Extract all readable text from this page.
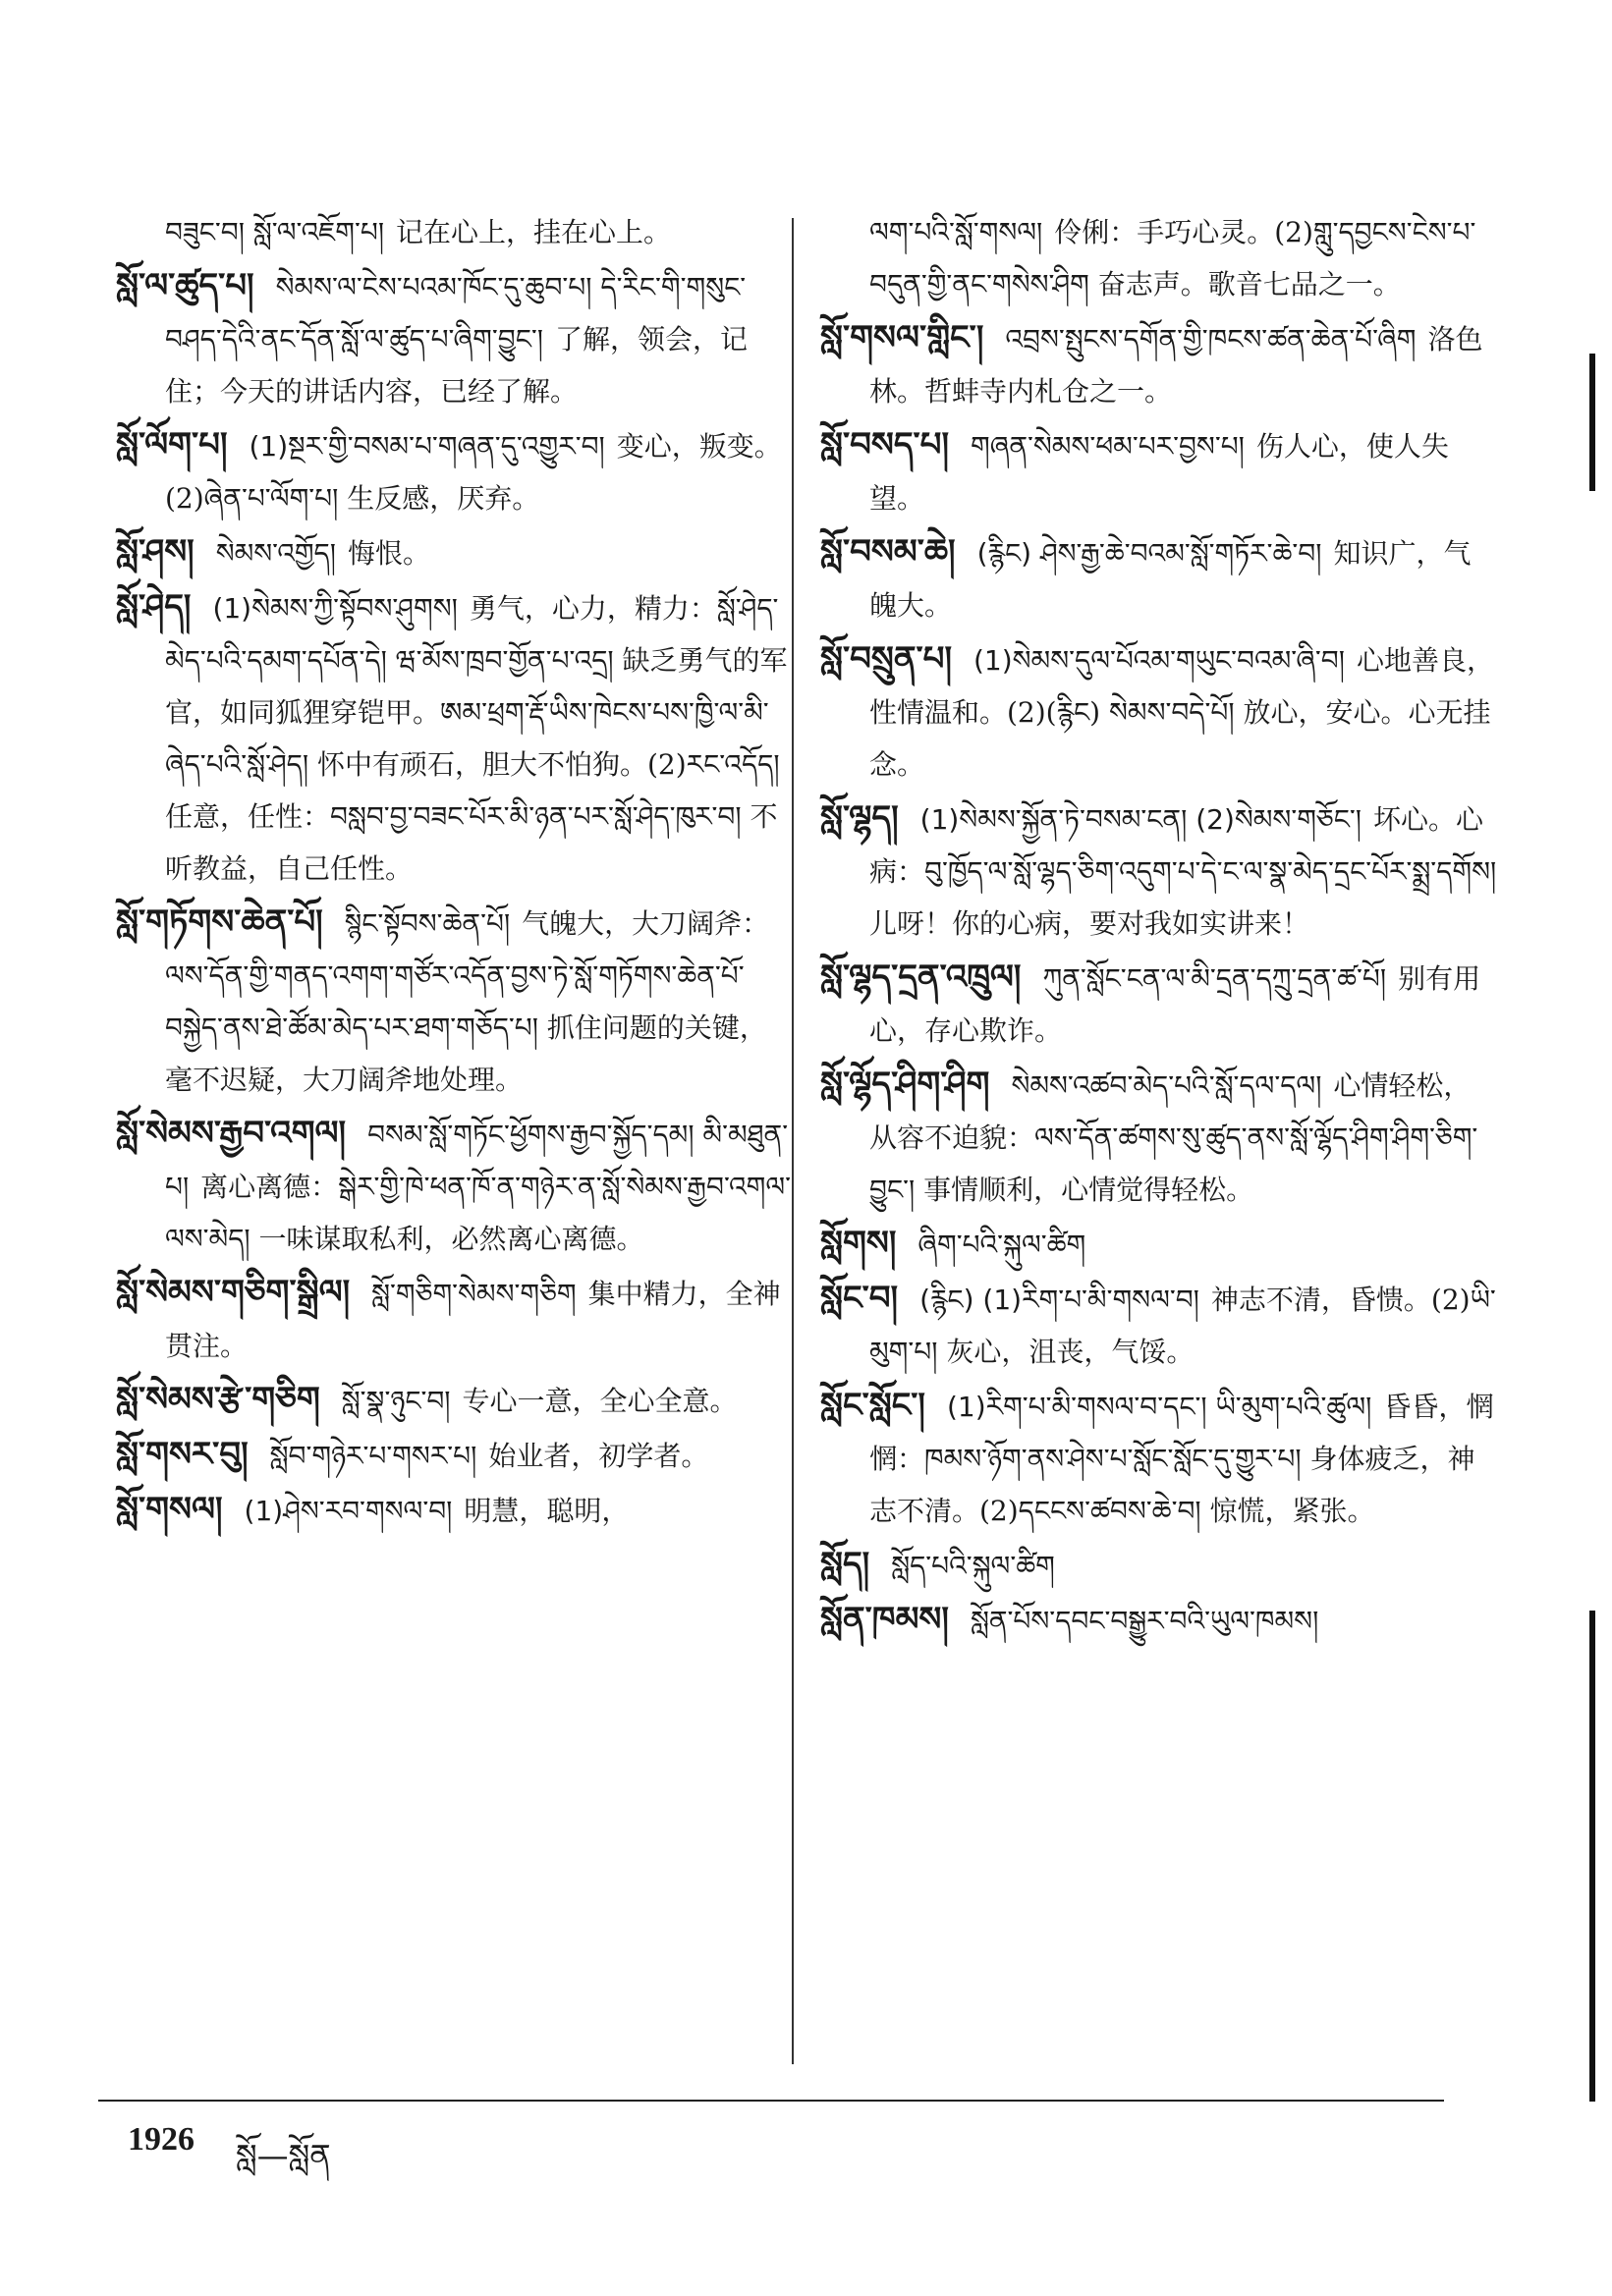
བཟུང་བ། སློ་ལ་འཇོག་པ། 记在心上，挂在心上。

སློ་ལ་ཚུད་པ། སེམས་ལ་ངེས་པའམ་ཁོང་དུ་ཆུབ་པ། དེ་རིང་གི་གསུང་བཤད་དེའི་ནང་དོན་སློ་ལ་ཚུད་པ་ཞིག་བྱུང་། 了解，领会，记住；今天的讲话内容，已经了解。

སློ་ལོག་པ། (1)སྔར་གྱི་བསམ་པ་གཞན་དུ་འགྱུར་བ། 变心，叛变。(2)ཞེན་པ་ལོག་པ། 生反感，厌弃。

སློ་ཤས། སེམས་འགྱོད། 悔恨。

སློ་ཤེད། (1)སེམས་ཀྱི་སྟོབས་ཤུགས། 勇气，心力，精力：སློ་ཤེད་མེད་པའི་དམག་དཔོན་དེ། ཝ་མོས་ཁྲབ་གྱོན་པ་འདྲ། 缺乏勇气的军官，如同狐狸穿铠甲。ཨམ་ཕྲག་རྡོ་ཡིས་ཁེངས་པས་ཁྱི་ལ་མི་ཞེད་པའི་སློ་ཤེད། 怀中有顽石，胆大不怕狗。(2)རང་འདོད། 任意，任性：བསླབ་བྱ་བཟང་པོར་མི་ཉན་པར་སློ་ཤེད་ཁུར་བ། 不听教益，自己任性。

སློ་གཏོགས་ཆེན་པོ། སྙིང་སྟོབས་ཆེན་པོ། 气魄大，大刀阔斧：ལས་དོན་གྱི་གནད་འགག་གཙོར་འདོན་བྱས་ཏེ་སློ་གཏོགས་ཆེན་པོ་བསྐྱེད་ནས་ཐེ་ཚོམ་མེད་པར་ཐག་གཅོད་པ། 抓住问题的关键，毫不迟疑，大刀阔斧地处理。

སློ་སེམས་རྒྱབ་འགལ། བསམ་སློ་གཏོང་ཕྱོགས་རྒྱབ་སྐྱོད་དམ། མི་མཐུན་པ། 离心离德：སྒེར་གྱི་ཁེ་ཕན་ཁོ་ན་གཉེར་ན་སློ་སེམས་རྒྱབ་འགལ་ལས་མེད། 一味谋取私利，必然离心离德。

སློ་སེམས་གཅིག་སྒྲིལ། སློ་གཅིག་སེམས་གཅིག 集中精力，全神贯注。

སློ་སེམས་རྩེ་གཅིག སློ་སྣ་ཉུང་བ། 专心一意，全心全意。

སློ་གསར་བུ། སློབ་གཉེར་པ་གསར་པ། 始业者，初学者。

སློ་གསལ། (1)ཤེས་རབ་གསལ་བ། 明慧，聪明，

ལག་པའི་སློ་གསལ། 伶俐：手巧心灵。(2)གླུ་དབྱངས་ངེས་པ་བདུན་གྱི་ནང་གསེས་ཤིག 奋志声。歌音七品之一。

སློ་གསལ་གླིང་། འབྲས་སྤུངས་དགོན་གྱི་ཁངས་ཚན་ཆེན་པོ་ཞིག 洛色林。哲蚌寺内札仓之一。

སློ་བསད་པ། གཞན་སེམས་ཕམ་པར་བྱས་པ། 伤人心，使人失望。

སློ་བསམ་ཆེ། (རྙིང) ཤེས་རྒྱ་ཆེ་བའམ་སློ་གཏོར་ཆེ་བ། 知识广，气魄大。

སློ་བསྲུན་པ། (1)སེམས་དུལ་པོའམ་གཡུང་བའམ་ཞི་བ། 心地善良，性情温和。(2)(རྙིང) སེམས་བདེ་པོ། 放心，安心。心无挂念。

སློ་ལྷད། (1)སེམས་སྐྱོན་ཏེ་བསམ་ངན། (2)སེམས་གཅོང་། 坏心。心病：བུ་ཁྱོད་ལ་སློ་ལྷད་ཅིག་འདུག་པ་དེ་ང་ལ་སྣ་མེད་དྲང་པོར་སྨྲ་དགོས། 儿呀！你的心病，要对我如实讲来！

སློ་ལྷད་དྲན་འཁྲུལ། ཀུན་སློང་ངན་ལ་མི་དྲན་དཀྲུ་དྲན་ཚ་པོ། 别有用心，存心欺诈。

སློ་ལྷོད་ཤིག་ཤིག སེམས་འཚབ་མེད་པའི་སློ་དལ་དལ། 心情轻松，从容不迫貌：ལས་དོན་ཚགས་སུ་ཚུད་ནས་སློ་ལྷོད་ཤིག་ཤིག་ཅིག་བྱུང་། 事情顺利，心情觉得轻松。

སློགས། ཞིག་པའི་སྐུལ་ཚིག

སློང་བ། (རྙིང) (1)རིག་པ་མི་གསལ་བ། 神志不清，昏愦。(2)ཡི་མུག་པ། 灰心，沮丧，气馁。

སློང་སློང་། (1)རིག་པ་མི་གསལ་བ་དང་། ཡི་མུག་པའི་ཚུལ། 昏昏，惘惘：ཁམས་ཉོག་ནས་ཤེས་པ་སློང་སློང་དུ་གྱུར་པ། 身体疲乏，神志不清。(2)དངངས་ཚབས་ཆེ་བ། 惊慌，紧张。

སློད། སློད་པའི་སྐུལ་ཚིག

སློན་ཁམས། སློན་པོས་དབང་བསྒྱུར་བའི་ཡུལ་ཁམས།

1926 སློ—སློན
